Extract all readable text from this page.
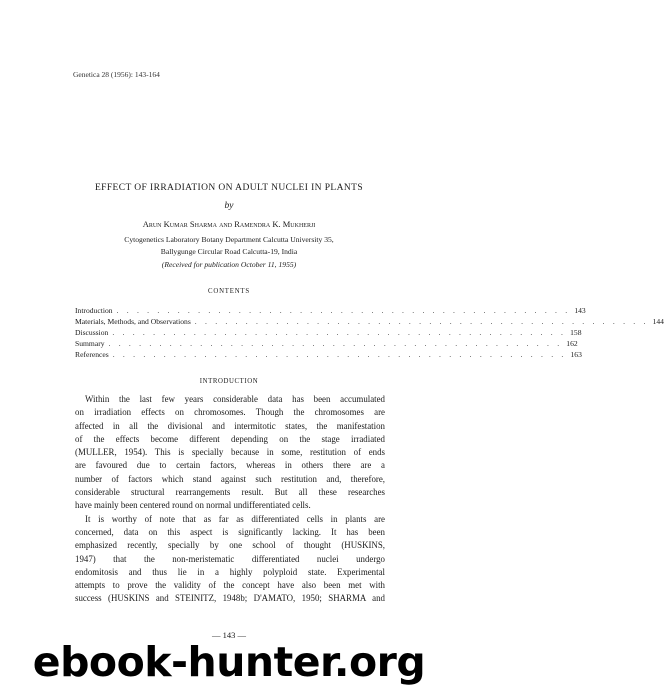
Genetica 28 (1956): 143-164
EFFECT OF IRRADIATION ON ADULT NUCLEI IN PLANTS
by
Arun Kumar Sharma and Ramendra K. Mukherji
Cytogenetics Laboratory Botany Department Calcutta University 35,
Ballygunge Circular Road Calcutta-19, India
(Received for publication October 11, 1955)
CONTENTS
Introduction . . . . . . . . . . . . . . . . . . . . . . . . . . . . . . . . . . . . . . . . . . . . . 143
Materials, Methods, and Observations . . . . . . . . . . . . . . . . . . . . . . . . . . . . . . . . . . . . . . . . . . . . . 144
Discussion . . . . . . . . . . . . . . . . . . . . . . . . . . . . . . . . . . . . . . . . . . . . . 158
Summary . . . . . . . . . . . . . . . . . . . . . . . . . . . . . . . . . . . . . . . . . . . . . 162
References . . . . . . . . . . . . . . . . . . . . . . . . . . . . . . . . . . . . . . . . . . . . . 163
INTRODUCTION
Within the last few years considerable data has been accumulated
on irradiation effects on chromosomes. Though the chromosomes are
affected in all the divisional and intermitotic states, the manifestation
of the effects become different depending on the stage irradiated
(MULLER, 1954). This is specially because in some, restitution of ends
are favoured due to certain factors, whereas in others there are a
number of factors which stand against such restitution and, therefore,
considerable structural rearrangements result. But all these researches
have mainly been centered round on normal undifferentiated cells.
It is worthy of note that as far as differentiated cells in plants are
concerned, data on this aspect is significantly lacking. It has been
emphasized recently, specially by one school of thought (HUSKINS,
1947) that the non-meristematic differentiated nuclei undergo
endomitosis and thus lie in a highly polyploid state. Experimental
attempts to prove the validity of the concept have also been met with
success (HUSKINS and STEINITZ, 1948b; D'AMATO, 1950; SHARMA and
— 143 —
ebook-hunter.org
